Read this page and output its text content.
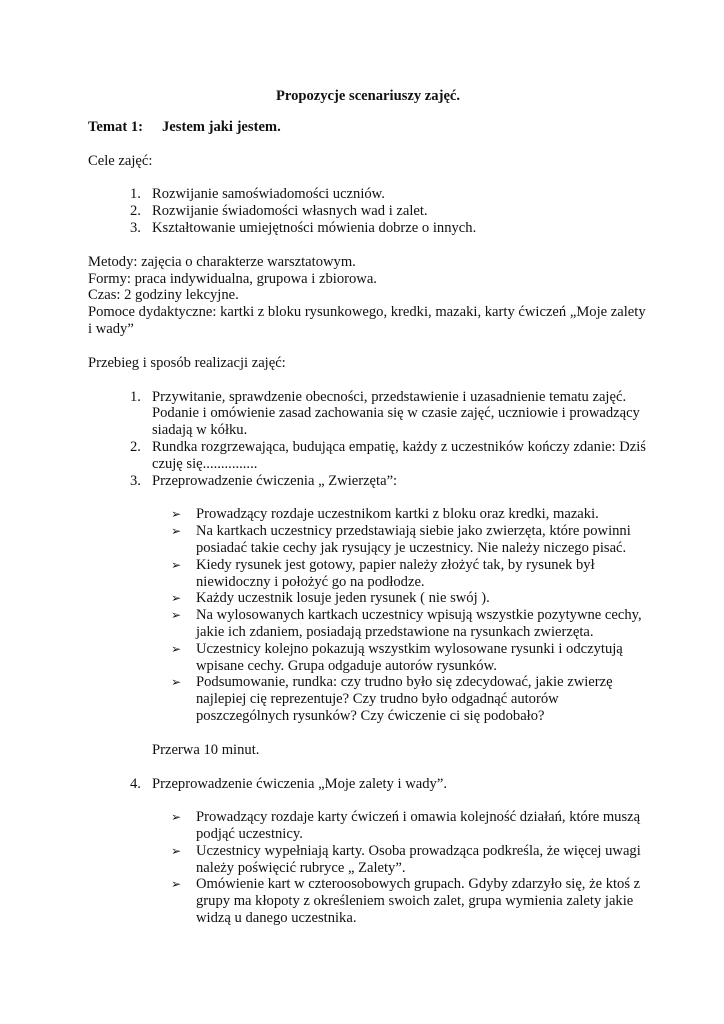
Propozycje scenariuszy zajęć.

Temat 1: Jestem jaki jestem.

Cele zajęć:

1. Rozwijanie samoświadomości uczniów.
2. Rozwijanie świadomości własnych wad i zalet.
3. Kształtowanie umiejętności mówienia dobrze o innych.

Metody: zajęcia o charakterze warsztatowym.

Formy: praca indywidualna, grupowa i zbiorowa.

Czas: 2 godziny lekcyjne.

Pomoce dydaktyczne: kartki z bloku rysunkowego, kredki, mazaki, karty ćwiczeń „Moje zalety i wady”

Przebieg i sposób realizacji zajęć:

1. Przywitanie, sprawdzenie obecności, przedstawienie i uzasadnienie tematu zajęć. Podanie i omówienie zasad zachowania się w czasie zajęć, uczniowie i prowadzący siadają w kółku.
2. Rundka rozgrzewająca, budująca empatię, każdy z uczestników kończy zdanie: Dziś czuję się...............
3. Przeprowadzenie ćwiczenia „ Zwierzęta”:
➢ Prowadzący rozdaje uczestnikom kartki z bloku oraz kredki, mazaki.
➢ Na kartkach uczestnicy przedstawiają siebie jako zwierzęta, które powinni posiadać takie cechy jak rysujący je uczestnicy. Nie należy niczego pisać.
➢ Kiedy rysunek jest gotowy, papier należy złożyć tak, by rysunek był niewidoczny i położyć go na podłodze.
➢ Każdy uczestnik losuje jeden rysunek ( nie swój ).
➢ Na wylosowanych kartkach uczestnicy wpisują wszystkie pozytywne cechy, jakie ich zdaniem, posiadają przedstawione na rysunkach zwierzęta.
➢ Uczestnicy kolejno pokazują wszystkim wylosowane rysunki i odczytują wpisane cechy. Grupa odgaduje autorów rysunków.
➢ Podsumowanie, rundka: czy trudno było się zdecydować, jakie zwierzę najlepiej cię reprezentuje? Czy trudno było odgadnąć autorów poszczególnych rysunków? Czy ćwiczenie ci się podobało?

Przerwa 10 minut.

4. Przeprowadzenie ćwiczenia „Moje zalety i wady”.
➢ Prowadzący rozdaje karty ćwiczeń i omawia kolejność działań, które muszą podjąć uczestnicy.
➢ Uczestnicy wypełniają karty. Osoba prowadząca podkreśla, że więcej uwagi należy poświęcić rubryce „ Zalety”.
➢ Omówienie kart w czteroosobowych grupach. Gdyby zdarzyło się, że ktoś z grupy ma kłopoty z określeniem swoich zalet, grupa wymienia zalety jakie widzą u danego uczestnika.
